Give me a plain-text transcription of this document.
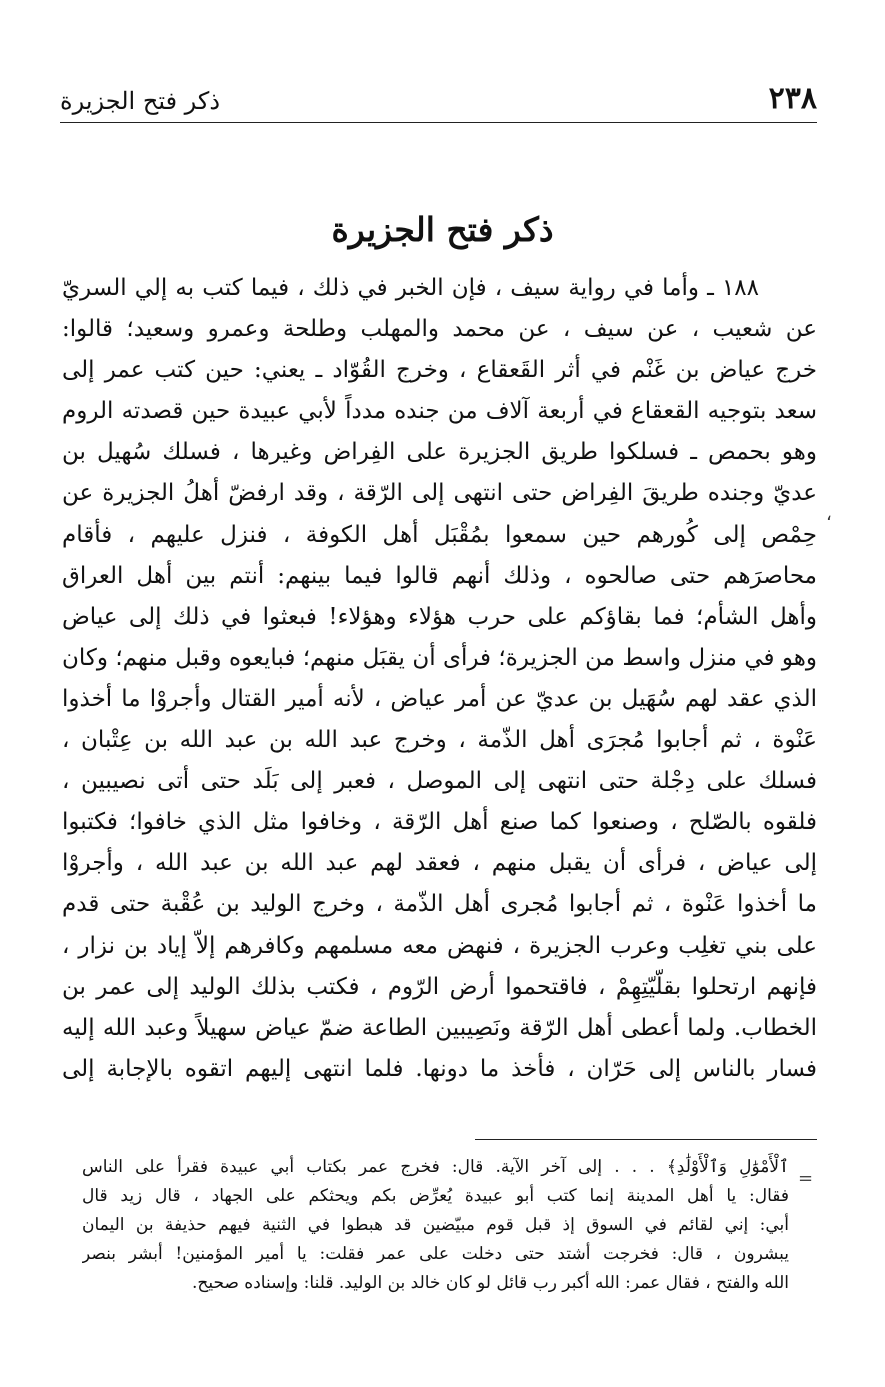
٢٣٨
ذكر فتح الجزيرة
ذكر فتح الجزيرة
١٨٨ ـ وأما في رواية سيف ، فإن الخبر في ذلك ، فيما كتب به إلي السريّ
عن شعيب ، عن سيف ، عن محمد والمهلب وطلحة وعمرو وسعيد؛ قالوا:
خرج عياض بن غَنْم في أثر القَعقاع ، وخرج القُوّاد ـ يعني: حين كتب عمر إلى
سعد بتوجيه القعقاع في أربعة آلاف من جنده مدداً لأبي عبيدة حين قصدته الروم
وهو بحمص ـ فسلكوا طريق الجزيرة على الفِراض وغيرها ، فسلك سُهيل بن
عديّ وجنده طريقَ الفِراض حتى انتهى إلى الرّقة ، وقد ارفضّ أهلُ الجزيرة عن
حِمْص إلى كُورهم حين سمعوا بمُقْبَل أهل الكوفة ، فنزل عليهم ، فأقام
محاصرَهم حتى صالحوه ، وذلك أنهم قالوا فيما بينهم: أنتم بين أهل العراق
وأهل الشأم؛ فما بقاؤكم على حرب هؤلاء وهؤلاء! فبعثوا في ذلك إلى عياض
وهو في منزل واسط من الجزيرة؛ فرأى أن يقبَل منهم؛ فبايعوه وقبل منهم؛ وكان
الذي عقد لهم سُهَيل بن عديّ عن أمر عياض ، لأنه أمير القتال وأجروْا ما أخذوا
عَنْوة ، ثم أجابوا مُجرَى أهل الذّمة ، وخرج عبد الله بن عبد الله بن عِتْبان ،
فسلك على دِجْلة حتى انتهى إلى الموصل ، فعبر إلى بَلَد حتى أتى نصيبين ،
فلقوه بالصّلح ، وصنعوا كما صنع أهل الرّقة ، وخافوا مثل الذي خافوا؛ فكتبوا
إلى عياض ، فرأى أن يقبل منهم ، فعقد لهم عبد الله بن عبد الله ، وأجروْا
ما أخذوا عَنْوة ، ثم أجابوا مُجرى أهل الذّمة ، وخرج الوليد بن عُقْبة حتى قدم
على بني تغلِب وعرب الجزيرة ، فنهض معه مسلمهم وكافرهم إلاّ إياد بن نزار ،
فإنهم ارتحلوا بقلّيّتِهِمْ ، فاقتحموا أرض الرّوم ، فكتب بذلك الوليد إلى عمر بن
الخطاب. ولما أعطى أهل الرّقة ونَصِيبين الطاعة ضمّ عياض سهيلاً وعبد الله إليه
فسار بالناس إلى حَرّان ، فأخذ ما دونها. فلما انتهى إليهم اتقوه بالإجابة إلى
،
=
ٱلْأَمْوَٰلِ وَٱلْأَوْلَٰدِ﴾ . . . إلى آخر الآية. قال: فخرج عمر بكتاب أبي عبيدة فقرأ على الناس
فقال: يا أهل المدينة إنما كتب أبو عبيدة يُعرِّض بكم ويحثكم على الجهاد ، قال زيد قال
أبي: إني لقائم في السوق إذ قبل قوم مبيّضين قد هبطوا في الثنية فيهم حذيفة بن اليمان
يبشرون ، قال: فخرجت أشتد حتى دخلت على عمر فقلت: يا أمير المؤمنين! أبشر بنصر
الله والفتح ، فقال عمر: الله أكبر رب قائل لو كان خالد بن الوليد. قلنا: وإسناده صحيح.
